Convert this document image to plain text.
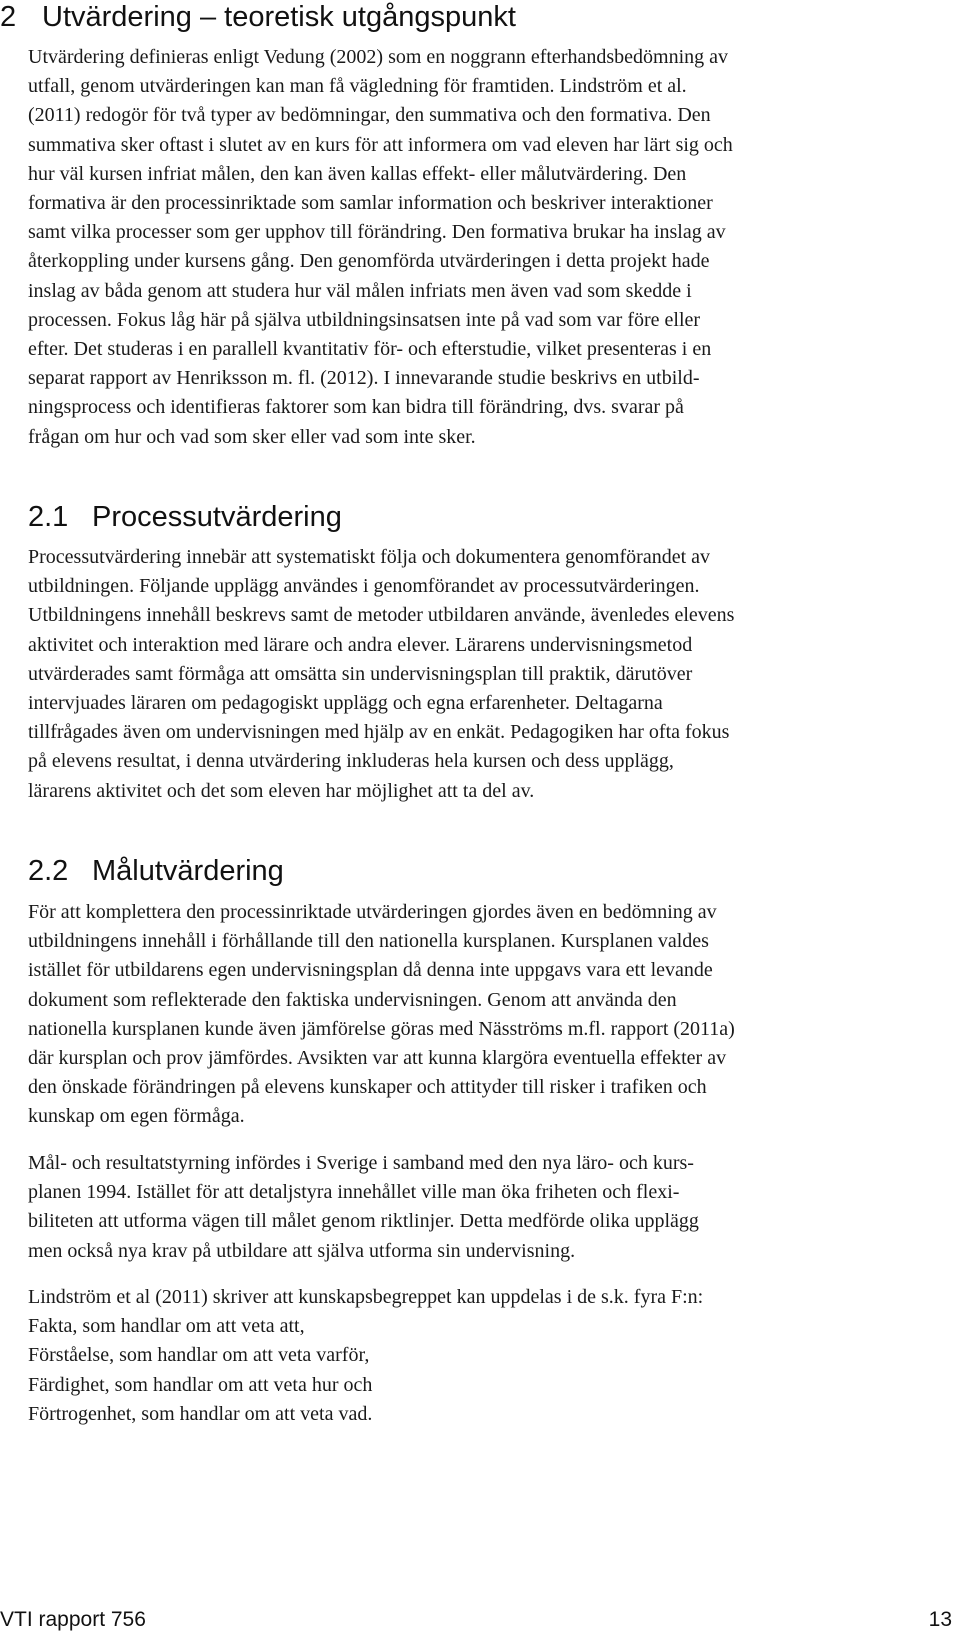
2 Utvärdering – teoretisk utgångspunkt

Utvärdering definieras enligt Vedung (2002) som en noggrann efterhandsbedömning av
utfall, genom utvärderingen kan man få vägledning för framtiden. Lindström et al.
(2011) redogör för två typer av bedömningar, den summativa och den formativa. Den
summativa sker oftast i slutet av en kurs för att informera om vad eleven har lärt sig och
hur väl kursen infriat målen, den kan även kallas effekt- eller målutvärdering. Den
formativa är den processinriktade som samlar information och beskriver interaktioner
samt vilka processer som ger upphov till förändring. Den formativa brukar ha inslag av
återkoppling under kursens gång. Den genomförda utvärderingen i detta projekt hade
inslag av båda genom att studera hur väl målen infriats men även vad som skedde i
processen. Fokus låg här på själva utbildningsinsatsen inte på vad som var före eller
efter. Det studeras i en parallell kvantitativ för- och efterstudie, vilket presenteras i en
separat rapport av Henriksson m. fl. (2012). I innevarande studie beskrivs en utbild-
ningsprocess och identifieras faktorer som kan bidra till förändring, dvs. svarar på
frågan om hur och vad som sker eller vad som inte sker.

2.1 Processutvärdering

Processutvärdering innebär att systematiskt följa och dokumentera genomförandet av
utbildningen. Följande upplägg användes i genomförandet av processutvärderingen.
Utbildningens innehåll beskrevs samt de metoder utbildaren använde, ävenledes elevens
aktivitet och interaktion med lärare och andra elever. Lärarens undervisningsmetod
utvärderades samt förmåga att omsätta sin undervisningsplan till praktik, därutöver
intervjuades läraren om pedagogiskt upplägg och egna erfarenheter. Deltagarna
tillfrågades även om undervisningen med hjälp av en enkät. Pedagogiken har ofta fokus
på elevens resultat, i denna utvärdering inkluderas hela kursen och dess upplägg,
lärarens aktivitet och det som eleven har möjlighet att ta del av.

2.2 Målutvärdering

För att komplettera den processinriktade utvärderingen gjordes även en bedömning av
utbildningens innehåll i förhållande till den nationella kursplanen. Kursplanen valdes
istället för utbildarens egen undervisningsplan då denna inte uppgavs vara ett levande
dokument som reflekterade den faktiska undervisningen. Genom att använda den
nationella kursplanen kunde även jämförelse göras med Näsströms m.fl. rapport (2011a)
där kursplan och prov jämfördes. Avsikten var att kunna klargöra eventuella effekter av
den önskade förändringen på elevens kunskaper och attityder till risker i trafiken och
kunskap om egen förmåga.

Mål- och resultatstyrning infördes i Sverige i samband med den nya läro- och kurs-
planen 1994. Istället för att detaljstyra innehållet ville man öka friheten och flexi-
biliteten att utforma vägen till målet genom riktlinjer. Detta medförde olika upplägg
men också nya krav på utbildare att själva utforma sin undervisning.

Lindström et al (2011) skriver att kunskapsbegreppet kan uppdelas i de s.k. fyra F:n:
Fakta, som handlar om att veta att,
Förståelse, som handlar om att veta varför,
Färdighet, som handlar om att veta hur och
Förtrogenhet, som handlar om att veta vad.

VTI rapport 756	13
